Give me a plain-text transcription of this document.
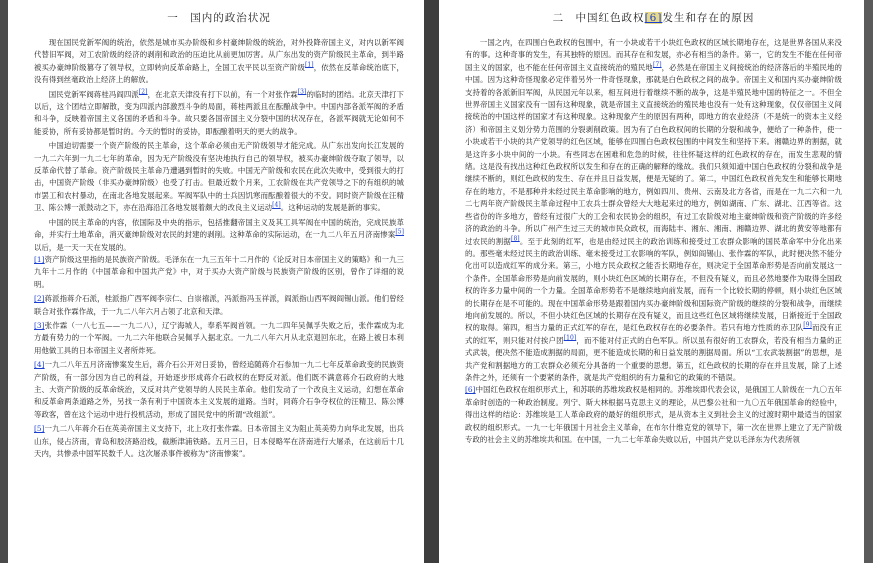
一　国内的政治状况

现在国民党新军阀的统治，依然是城市买办阶级和乡村豪绅阶级的统治，对外投降帝国主义，对内以新军阀代替旧军阀，对工农阶级的经济的剥削和政治的压迫比从前更加厉害。从广东出发的资产阶级民主革命，到半路被买办豪绅阶级篡夺了领导权，立即转向反革命路上，全国工农平民以至资产阶级[1]，依然在反革命统治底下，没有得到丝毫政治上经济上的解放。

国民党新军阀蒋桂冯阎四派[2]，在北京天津没有打下以前，有一个对张作霖[3]的临时的团结。北京天津打下以后，这个团结立即解散，变为四派内部激烈斗争的局面，蒋桂两派且在酝酿战争中。中国内部各派军阀的矛盾和斗争，反映着帝国主义各国的矛盾和斗争。故只要各国帝国主义分裂中国的状况存在，各派军阀就无论如何不能妥协，所有妥协都是暂时的。今天的暂时的妥协，即酝酿着明天的更大的战争。

中国迫切需要一个资产阶级的民主革命，这个革命必须由无产阶级领导才能完成。从广东出发向长江发展的一九二六年到一九二七年的革命，因为无产阶级没有坚决地执行自己的领导权，被买办豪绅阶级夺取了领导，以反革命代替了革命。资产阶级民主革命乃遭遇到暂时的失败。中国无产阶级和农民在此次失败中，受到很大的打击，中国资产阶级（非买办豪绅阶级）也受了打击。但最近数个月来，工农阶级在共产党领导之下的有组织的城市罢工和农村暴动，在南北各地发展起来。军阀军队中的士兵因饥寒而酝酿着很大的不安。同时资产阶级在汪精卫、陈公博一派鼓动之下，亦在沿海沿江各地发展着颇大的改良主义运动[4]。这种运动的发展是新的事实。

中国的民主革命的内容，依国际及中央的指示，包括推翻帝国主义及其工具军阀在中国的统治，完成民族革命，并实行土地革命，消灭豪绅阶级对农民的封建的剥削。这种革命的实际运动，在一九二八年五月济南惨案[5]以后，是一天一天在发展的。

[1]资产阶级这里指的是民族资产阶级。毛泽东在一九三五年十二月作的《论反对日本帝国主义的策略》和一九三九年十二月作的《中国革命和中国共产党》中，对于买办大资产阶级与民族资产阶级的区别，曾作了详细的说明。

[2]蒋派指蒋介石派，桂派指广西军阀李宗仁、白崇禧派，冯派指冯玉祥派，阎派指山西军阀阎锡山派。他们曾经联合对张作霖作战，于一九二八年六月占领了北京和天津。

[3]张作霖（一八七五——一九二八），辽宁海城人，奉系军阀首领。一九二四年吴佩孚失败之后，张作霖成为北方最有势力的一个军阀。一九二六年他联合吴佩孚入据北京。一九二八年六月从北京退回东北，在路上被日本利用他做工具的日本帝国主义者所炸死。

[4]一九二八年五月济南惨案发生后，蒋介石公开对日妥协，曾经追随蒋介石参加一九二七年反革命政变的民族资产阶级，有一部分因为自己的利益，开始逐步形成蒋介石政权的在野反对派。他们既不满意蒋介石政府的大地主、大资产阶级的反革命统治，又反对共产党领导的人民民主革命。他们发动了一个改良主义运动，幻想在革命和反革命两条道路之外，另找一条有利于中国资本主义发展的道路。当时，同蒋介石争夺权位的汪精卫、陈公博等政客，曾在这个运动中进行投机活动，形成了国民党中的所谓“改组派”。

[5]一九二八年蒋介石在英美帝国主义支持下，北上攻打张作霖。日本帝国主义为阻止英美势力向华北发展，出兵山东，侵占济南，青岛和胶济路沿线，截断津浦铁路。五月三日，日本侵略军在济南进行大屠杀，在这前后十几天内，共惨杀中国军民数千人。这次屠杀事件被称为“济南惨案”。

二　中国红色政权[6]发生和存在的原因

一国之内，在四围白色政权的包围中，有一小块或若干小块红色政权的区域长期地存在，这是世界各国从来没有的事。这种奇事的发生，有其独特的原因。而其存在和发展，亦必有相当的条件。第一，它的发生不能在任何帝国主义的国家，也不能在任何帝国主义直接统治的殖民地[7]，必然是在帝国主义间接统治的经济落后的半殖民地的中国。因为这种奇怪现象必定伴着另外一件奇怪现象，那就是白色政权之间的战争。帝国主义和国内买办豪绅阶级支持着的各派新旧军阀，从民国元年以来，相互间进行着继续不断的战争，这是半殖民地中国的特征之一。不但全世界帝国主义国家没有一国有这种现象，就是帝国主义直接统治的殖民地也没有一处有这种现象，仅仅帝国主义间接统治的中国这样的国家才有这种现象。这种现象产生的原因有两种，即地方的农业经济（不是统一的资本主义经济）和帝国主义划分势力范围的分裂剥削政策。因为有了白色政权间的长期的分裂和战争，便给了一种条件，使一小块或若干小块的共产党领导的红色区域，能够在四围白色政权包围的中间发生和坚持下来。湘赣边界的割据，就是这许多小块中间的一小块。有些同志在困难和危急的时候，往往怀疑这样的红色政权的存在，而发生悲观的情绪。这是没有找出这种红色政权所以发生和存在的正确的解释的缘故。我们只须知道中国白色政权的分裂和战争是继续不断的，则红色政权的发生、存在并且日益发展，便是无疑的了。第二，中国红色政权首先发生和能够长期地存在的地方，不是那种并未经过民主革命影响的地方，例如四川、贵州、云南及北方各省，而是在一九二六和一九二七两年资产阶级民主革命过程中工农兵士群众曾经大大地起来过的地方，例如湖南、广东、湖北、江西等省。这些省份的许多地方，曾经有过很广大的工会和农民协会的组织，有过工农阶级对地主豪绅阶级和资产阶级的许多经济的政治的斗争。所以广州产生过三天的城市民众政权，而海陆丰、湘东、湘南、湘赣边界、湖北的黄安等地都有过农民的割据[8]。至于此刻的红军，也是由经过民主的政治训练和接受过工农群众影响的国民革命军中分化出来的。那些毫未经过民主的政治训练、毫未接受过工农影响的军队，例如阎锡山、张作霖的军队，此时便决然不能分化出可以造成红军的成分来。第三，小地方民众政权之能否长期地存在，则决定于全国革命形势是否向前发展这一个条件。全国革命形势是向前发展的，则小块红色区域的长期存在，不但没有疑义，而且必然地要作为取得全国政权的许多力量中间的一个力量。全国革命形势若不是继续地向前发展，而有一个比较长期的停顿，则小块红色区域的长期存在是不可能的。现在中国革命形势是跟着国内买办豪绅阶级和国际资产阶级的继续的分裂和战争，而继续地向前发展的。所以，不但小块红色区域的长期存在没有疑义，而且这些红色区域将继续发展，日渐接近于全国政权的取得。第四，相当力量的正式红军的存在，是红色政权存在的必要条件。若只有地方性质的赤卫队[9]而没有正式的红军，则只能对付挨户团[10]，而不能对付正式的白色军队。所以虽有很好的工农群众，若没有相当力量的正式武装，便决然不能造成割据的局面，更不能造成长期的和日益发展的割据局面。所以“工农武装割据”的思想，是共产党和割据地方的工农群众必须充分具备的一个重要的思想。第五，红色政权的长期的存在并且发展，除了上述条件之外，还须有一个要紧的条件，就是共产党组织的有力量和它的政策的不错误。

[6]中国红色政权在组织形式上，和苏联的苏维埃政权是相同的。苏维埃即代表会议，是俄国工人阶级在一九〇五年革命时创造的一种政治制度。列宁、斯大林根据马克思主义的理论，从巴黎公社和一九〇五年俄国革命的经验中，得出这样的结论：苏维埃是工人革命政府的最好的组织形式，是从资本主义到社会主义的过渡时期中最适当的国家政权的组织形式。一九一七年俄国十月社会主义革命，在布尔什维克党的领导下，第一次在世界上建立了无产阶级专政的社会主义的苏维埃共和国。在中国，一九二七年革命失败以后，中国共产党以毛泽东为代表所领
